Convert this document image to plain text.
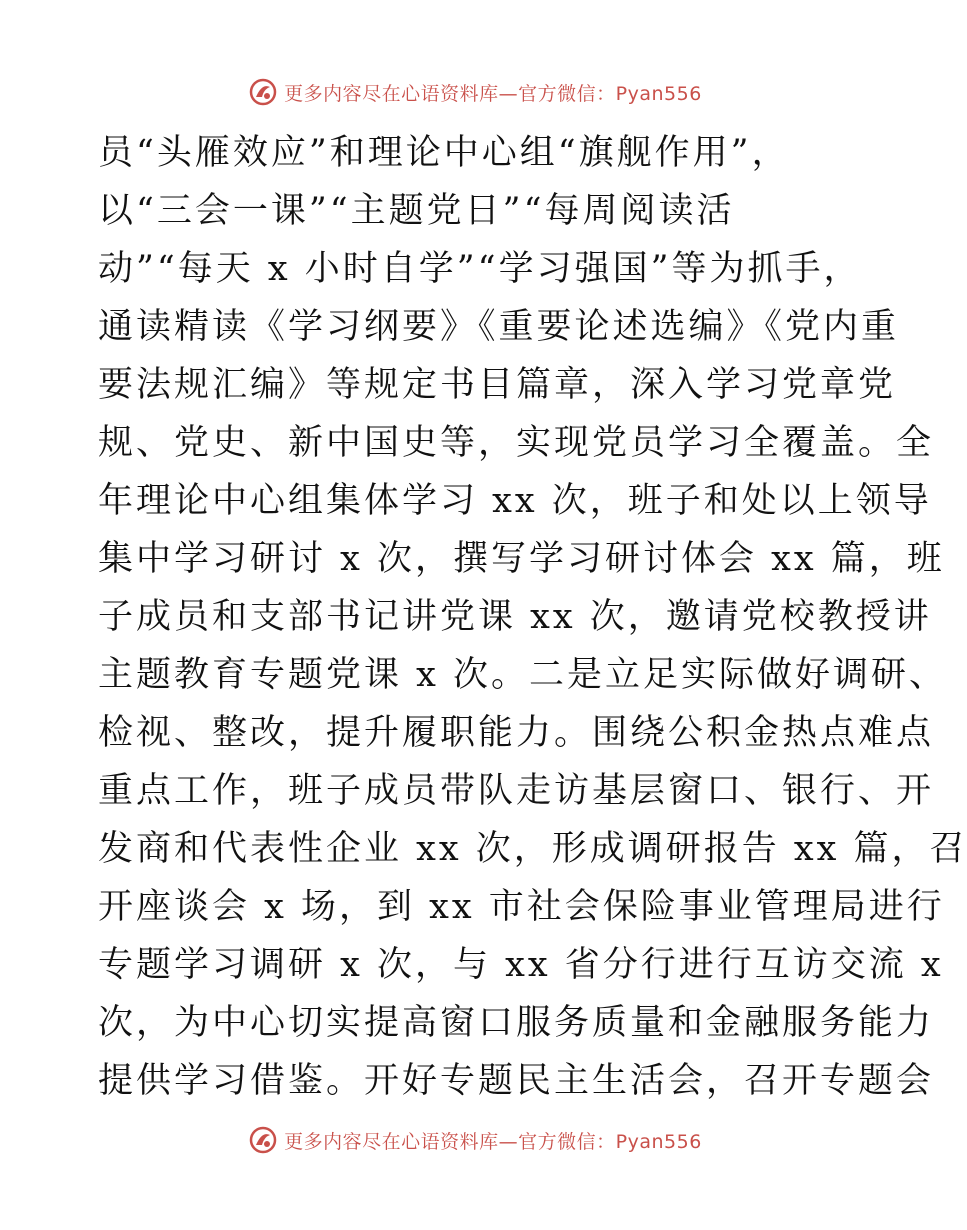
更多内容尽在心语资料库—官方微信：Pyan556
员“头雁效应”和理论中心组“旗舰作用”，
以“三会一课”“主题党日”“每周阅读活
动”“每天 x 小时自学”“学习强国”等为抓手，
通读精读《学习纲要》《重要论述选编》《党内重
要法规汇编》等规定书目篇章，深入学习党章党
规、党史、新中国史等，实现党员学习全覆盖。全
年理论中心组集体学习 xx 次，班子和处以上领导
集中学习研讨 x 次，撰写学习研讨体会 xx 篇，班
子成员和支部书记讲党课 xx 次，邀请党校教授讲
主题教育专题党课 x 次。二是立足实际做好调研、
检视、整改，提升履职能力。围绕公积金热点难点
重点工作，班子成员带队走访基层窗口、银行、开
发商和代表性企业 xx 次，形成调研报告 xx 篇，召
开座谈会 x 场，到 xx 市社会保险事业管理局进行
专题学习调研 x 次，与 xx 省分行进行互访交流 x
次，为中心切实提高窗口服务质量和金融服务能力
提供学习借鉴。开好专题民主生活会，召开专题会
更多内容尽在心语资料库—官方微信：Pyan556
